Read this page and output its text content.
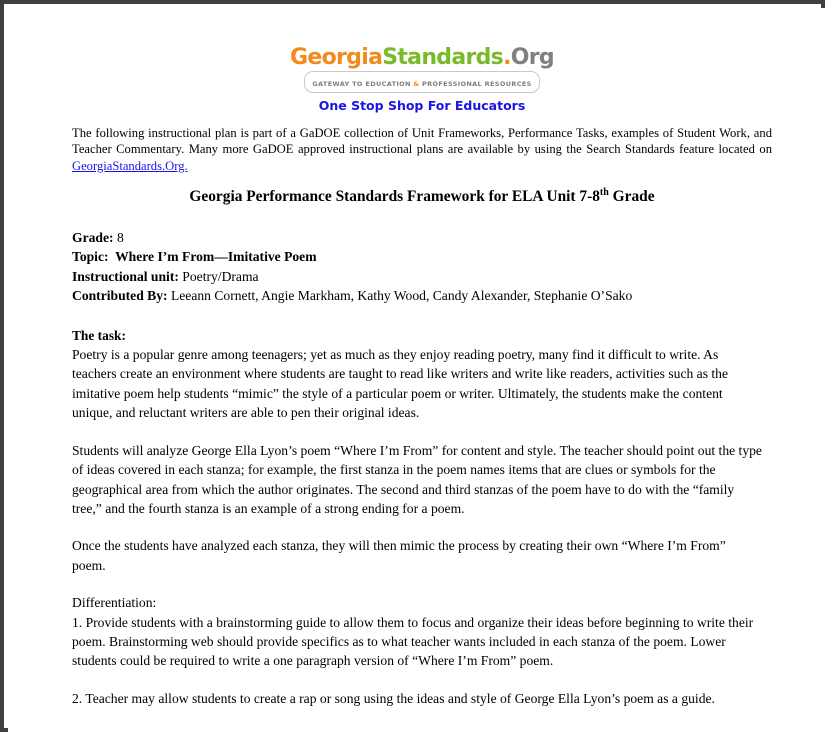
GeorgiaStandards.Org
GATEWAY TO EDUCATION & PROFESSIONAL RESOURCES
One Stop Shop For Educators
The following instructional plan is part of a GaDOE collection of Unit Frameworks, Performance Tasks, examples of Student Work, and Teacher Commentary. Many more GaDOE approved instructional plans are available by using the Search Standards feature located on GeorgiaStandards.Org.
Georgia Performance Standards Framework for ELA Unit 7-8th Grade
Grade: 8
Topic: Where I’m From—Imitative Poem
Instructional unit: Poetry/Drama
Contributed By: Leeann Cornett, Angie Markham, Kathy Wood, Candy Alexander, Stephanie O’Sako
The task:
Poetry is a popular genre among teenagers; yet as much as they enjoy reading poetry, many find it difficult to write. As teachers create an environment where students are taught to read like writers and write like readers, activities such as the imitative poem help students “mimic” the style of a particular poem or writer. Ultimately, the students make the content unique, and reluctant writers are able to pen their original ideas.
Students will analyze George Ella Lyon’s poem “Where I’m From” for content and style. The teacher should point out the type of ideas covered in each stanza; for example, the first stanza in the poem names items that are clues or symbols for the geographical area from which the author originates. The second and third stanzas of the poem have to do with the “family tree,” and the fourth stanza is an example of a strong ending for a poem.
Once the students have analyzed each stanza, they will then mimic the process by creating their own “Where I’m From” poem.
Differentiation:
1. Provide students with a brainstorming guide to allow them to focus and organize their ideas before beginning to write their poem. Brainstorming web should provide specifics as to what teacher wants included in each stanza of the poem. Lower students could be required to write a one paragraph version of “Where I’m From” poem.
2. Teacher may allow students to create a rap or song using the ideas and style of George Ella Lyon’s poem as a guide.
